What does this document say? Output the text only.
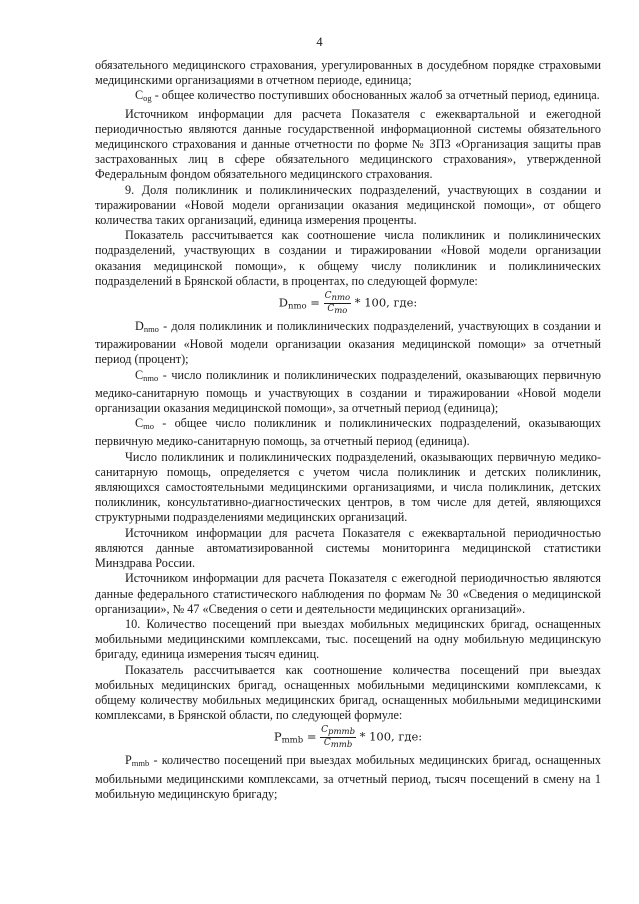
4

обязательного медицинского страхования, урегулированных в досудебном порядке страховыми медицинскими организациями в отчетном периоде, единица;

$С_{og}$ - общее количество поступивших обоснованных жалоб за отчетный период, единица.

Источником информации для расчета Показателя с ежеквартальной и ежегодной периодичностью являются данные государственной информационной системы обязательного медицинского страхования и данные отчетности по форме № ЗПЗ «Организация защиты прав застрахованных лиц в сфере обязательного медицинского страхования», утвержденной Федеральным фондом обязательного медицинского страхования.

9. Доля поликлиник и поликлинических подразделений, участвующих в создании и тиражировании «Новой модели организации оказания медицинской помощи», от общего количества таких организаций, единица измерения проценты.

Показатель рассчитывается как соотношение числа поликлиник и поликлинических подразделений, участвующих в создании и тиражировании «Новой модели организации оказания медицинской помощи», к общему числу поликлиник и поликлинических подразделений в Брянской области, в процентах, по следующей формуле:

$D_{nmo} = \frac{\text{Cnmo}}{\text{Cmo}} * 100$, где:

$D_{nmo}$ - доля поликлиник и поликлинических подразделений, участвующих в создании и тиражировании «Новой модели организации оказания медицинской помощи» за отчетный период (процент);

$C_{nmo}$ - число поликлиник и поликлинических подразделений, оказывающих первичную медико-санитарную помощь и участвующих в создании и тиражировании «Новой модели организации оказания медицинской помощи», за отчетный период (единица);

$C_{mo}$ - общее число поликлиник и поликлинических подразделений, оказывающих первичную медико-санитарную помощь, за отчетный период (единица).

Число поликлиник и поликлинических подразделений, оказывающих первичную медико-санитарную помощь, определяется с учетом числа поликлиник и детских поликлиник, являющихся самостоятельными медицинскими организациями, и числа поликлиник, детских поликлиник, консультативно-диагностических центров, в том числе для детей, являющихся структурными подразделениями медицинских организаций.

Источником информации для расчета Показателя с ежеквартальной периодичностью являются данные автоматизированной системы мониторинга медицинской статистики Минздрава России.

Источником информации для расчета Показателя с ежегодной периодичностью являются данные федерального статистического наблюдения по формам № 30 «Сведения о медицинской организации», № 47 «Сведения о сети и деятельности медицинских организаций».

10. Количество посещений при выездах мобильных медицинских бригад, оснащенных мобильными медицинскими комплексами, тыс. посещений на одну мобильную медицинскую бригаду, единица измерения тысяч единиц.

Показатель рассчитывается как соотношение количества посещений при выездах мобильных медицинских бригад, оснащенных мобильными медицинскими комплексами, к общему количеству мобильных медицинских бригад, оснащенных мобильными медицинскими комплексами, в Брянской области, по следующей формуле:

$P_{mmb} = \frac{\text{Cpmmb}}{\text{Cmmb}} * 100$, где:

$P_{mmb}$ - количество посещений при выездах мобильных медицинских бригад, оснащенных мобильными медицинскими комплексами, за отчетный период, тысяч посещений в смену на 1 мобильную медицинскую бригаду;
